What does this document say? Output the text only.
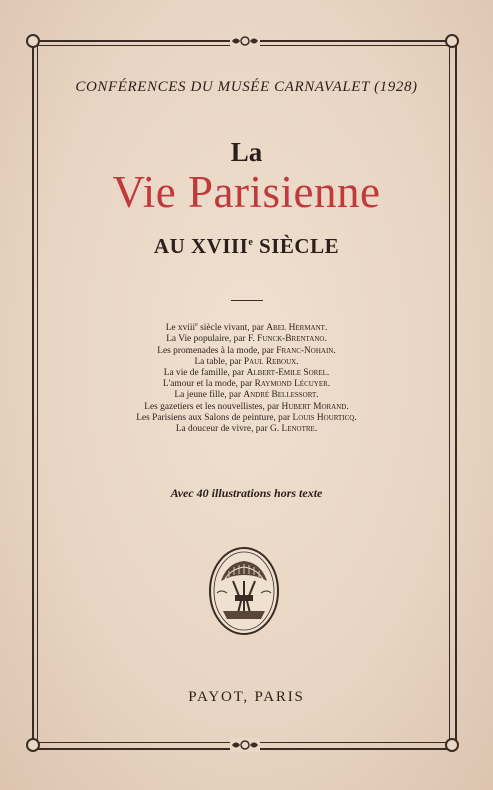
CONFÉRENCES DU MUSÉE CARNAVALET (1928)
La
Vie Parisienne
AU XVIIIe SIÈCLE
Le xviii$^e$ siècle vivant, par Abel Hermant.
La Vie populaire, par F. Funck-Brentano.
Les promenades à la mode, par Franc-Nohain.
La table, par Paul Reboux.
La vie de famille, par Albert-Emile Sorel.
L'amour et la mode, par Raymond Lécuyer.
La jeune fille, par André Bellessort.
Les gazetiers et les nouvellistes, par Hubert Morand.
Les Parisiens aux Salons de peinture, par Louis Hourticq.
La douceur de vivre, par G. Lenotre.
Avec 40 illustrations hors texte
PAYOT, PARIS
